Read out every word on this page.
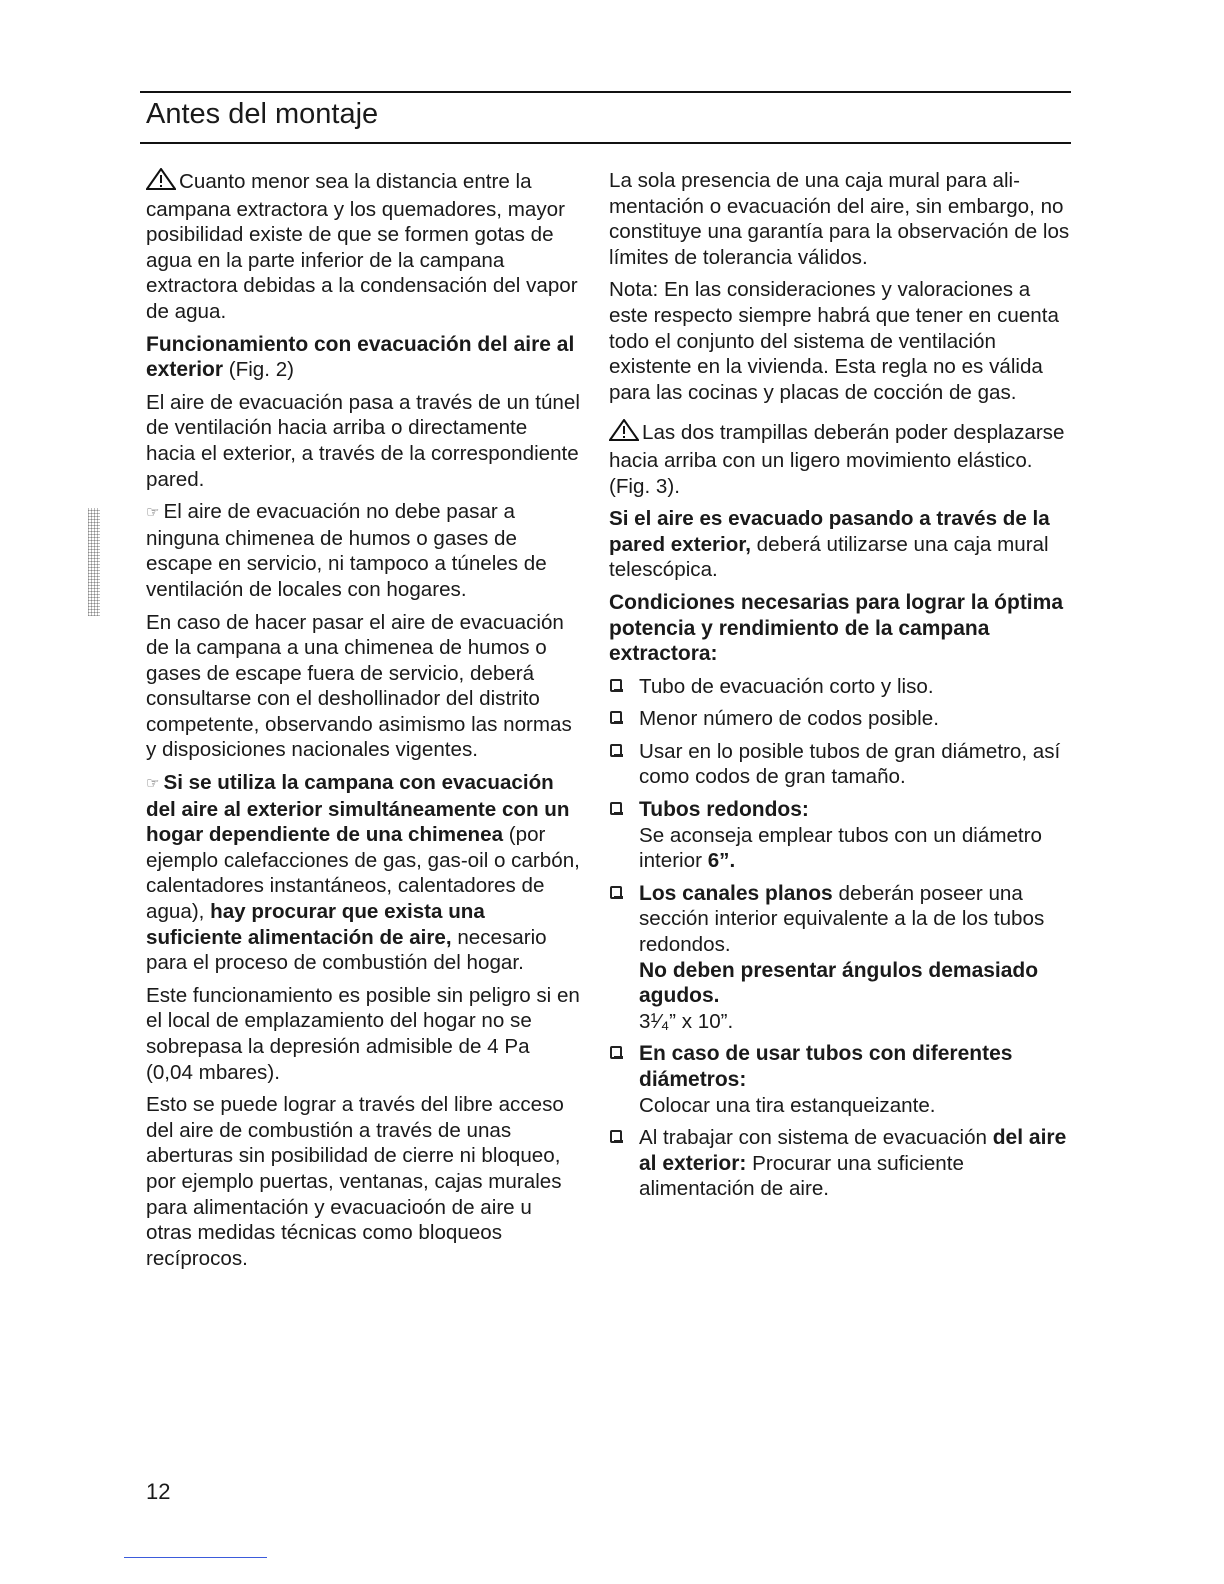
Antes del montaje

Cuanto menor sea la distancia entre la campana extractora y los quemadores, mayor posibilidad existe de que se formen gotas de agua en la parte inferior de la campana extractora debidas a la condensación del vapor de agua.

Funcionamiento con evacuación del aire al exterior (Fig. 2)

El aire de evacuación pasa a través de un túnel de ventilación hacia arriba o directamente hacia el exterior, a través de la correspondiente pared.

☞ El aire de evacuación no debe pasar a ninguna chimenea de humos o gases de escape en servicio, ni tampoco a túneles de ventilación de locales con hogares.

En caso de hacer pasar el aire de evacuación de la campana a una chimenea de humos o gases de escape fuera de servicio, deberá consultarse con el deshollinador del distrito competente, observando asimismo las normas y disposiciones nacionales vigentes.

☞ Si se utiliza la campana con evacuación del aire al exterior simultáneamente con un hogar dependiente de una chimenea (por ejemplo calefacciones de gas, gas-oil o carbón, calentadores instantáneos, calentadores de agua), hay procurar que exista una suficiente alimentación de aire, necesario para el proceso de combustión del hogar.

Este funcionamiento es posible sin peligro si en el local de emplazamiento del hogar no se sobrepasa la depresión admisible de 4 Pa (0,04 mbares).

Esto se puede lograr a través del libre acceso del aire de combustión a través de unas aberturas sin posibilidad de cierre ni bloqueo, por ejemplo puertas, ventanas, cajas murales para alimentación y evacuacioón de aire u otras medidas técnicas como bloqueos recíprocos.

La sola presencia de una caja mural para alimentación o evacuación del aire, sin embargo, no constituye una garantía para la observación de los límites de tolerancia válidos.

Nota: En las consideraciones y valoraciones a este respecto siempre habrá que tener en cuenta todo el conjunto del sistema de ventilación existente en la vivienda. Esta regla no es válida para las cocinas y placas de cocción de gas.

Las dos trampillas deberán poder desplazarse hacia arriba con un ligero movimiento elástico. (Fig. 3).

Si el aire es evacuado pasando a través de la pared exterior, deberá utilizarse una caja mural telescópica.

Condiciones necesarias para lograr la óptima potencia y rendimiento de la campana extractora:

Tubo de evacuación corto y liso.
Menor número de codos posible.
Usar en lo posible tubos de gran diámetro, así como codos de gran tamaño.
Tubos redondos:
Se aconseja emplear tubos con un diámetro interior 6”.
Los canales planos deberán poseer una sección interior equivalente a la de los tubos redondos.
No deben presentar ángulos demasiado agudos.
3¹⁄₄” x 10”.
En caso de usar tubos con diferentes diámetros:
Colocar una tira estanqueizante.
Al trabajar con sistema de evacuación del aire al exterior: Procurar una suficiente alimentación de aire.
12
